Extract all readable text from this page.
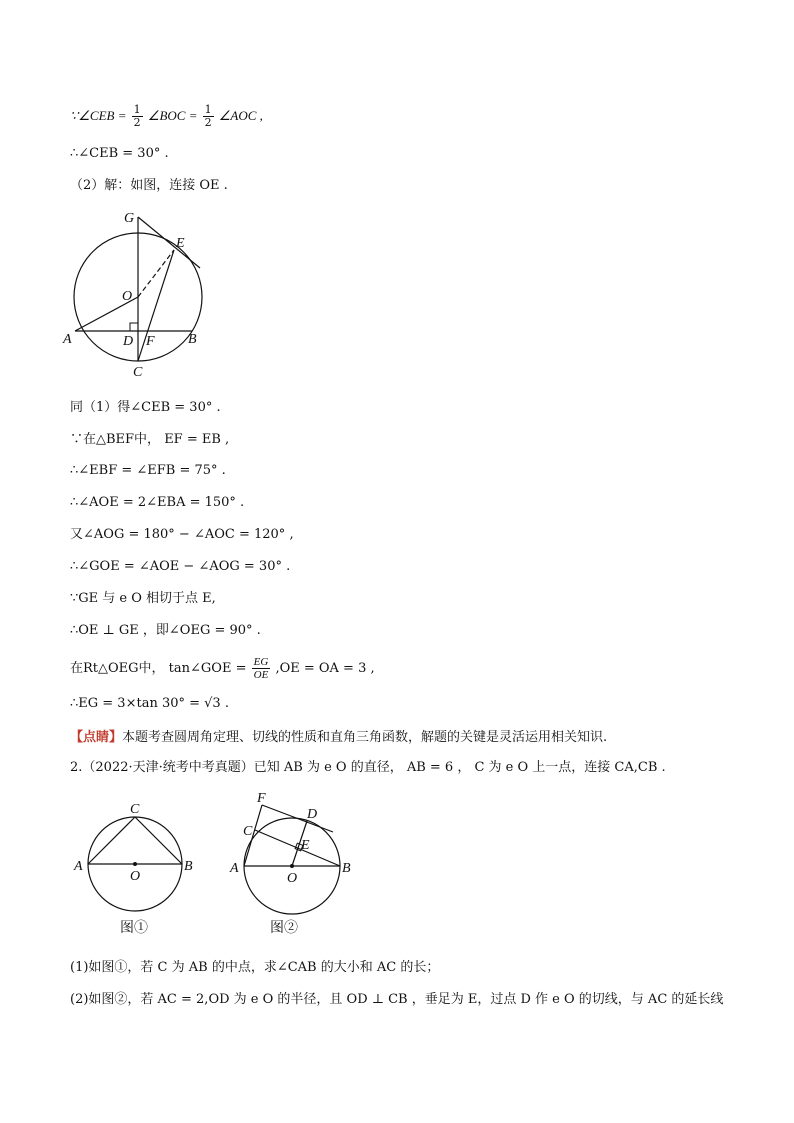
∵∠CEB = $\frac{1}{2}$ ∠BOC = $\frac{1}{2}$ ∠AOC ,
∴∠CEB = 30° .
（2）解：如图，连接 OE .
G
E
O
A	D F B
C
同（1）得∠CEB = 30° .
∵在△BEF中， EF = EB ,
∴∠EBF = ∠EFB = 75° .
∴∠AOE = 2∠EBA = 150° .
又∠AOG = 180° − ∠AOC = 120° ,
∴∠GOE = ∠AOE − ∠AOG = 30° .
∵GE 与 e O 相切于点 E,
∴OE ⊥ GE ，即∠OEG = 90° .
在Rt△OEG中， tan∠GOE = $\frac{EG}{OE} ,OE$ = OA = 3 ,
∴EG = 3×tan 30° = √3 .
【点睛】本题考查圆周角定理、切线的性质和直角三角函数，解题的关键是灵活运用相关知识.
2.（2022·天津·统考中考真题）已知 AB 为 e O 的直径， AB = 6 ， C 为 e O 上一点，连接 CA,CB .
C
A
O
B
图①
F
D
C
E
A
O
B
图②
(1)如图①，若 C 为 AB 的中点，求∠CAB 的大小和 AC 的长；
(2)如图②，若 AC = 2,OD 为 e O 的半径，且 OD ⊥ CB ，垂足为 E，过点 D 作 e O 的切线，与 AC 的延长线
